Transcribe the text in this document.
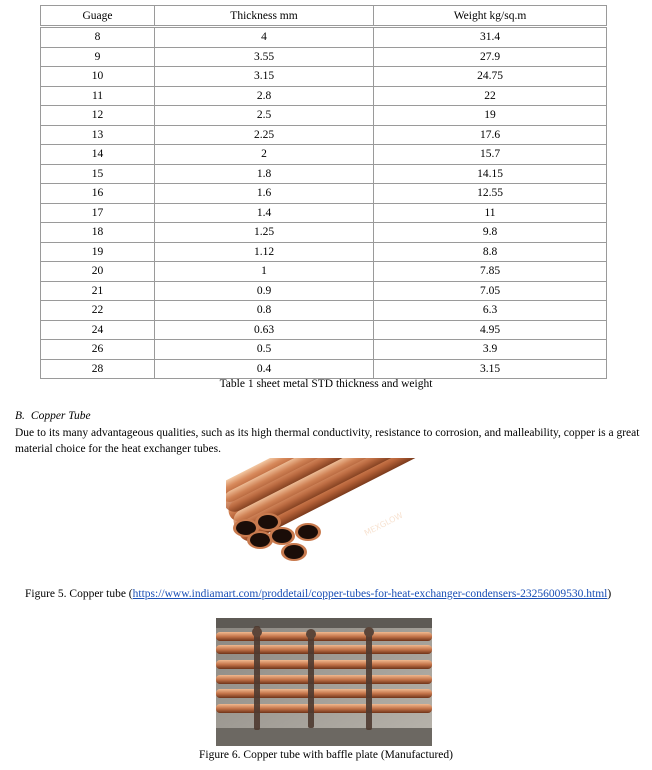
Guage	Thickness mm	Weight kg/sq.m
8	4	31.4
9	3.55	27.9
10	3.15	24.75
11	2.8	22
12	2.5	19
13	2.25	17.6
14	2	15.7
15	1.8	14.15
16	1.6	12.55
17	1.4	11
18	1.25	9.8
19	1.12	8.8
20	1	7.85
21	0.9	7.05
22	0.8	6.3
24	0.63	4.95
26	0.5	3.9
28	0.4	3.15
Table 1 sheet metal STD thickness and weight
B. Copper Tube
Due to its many advantageous qualities, such as its high thermal conductivity, resistance to corrosion, and malleability, copper is a great material choice for the heat exchanger tubes.
MEXGLOW
Figure 5. Copper tube (https://www.indiamart.com/proddetail/copper-tubes-for-heat-exchanger-condensers-23256009530.html)
Figure 6. Copper tube with baffle plate (Manufactured)
